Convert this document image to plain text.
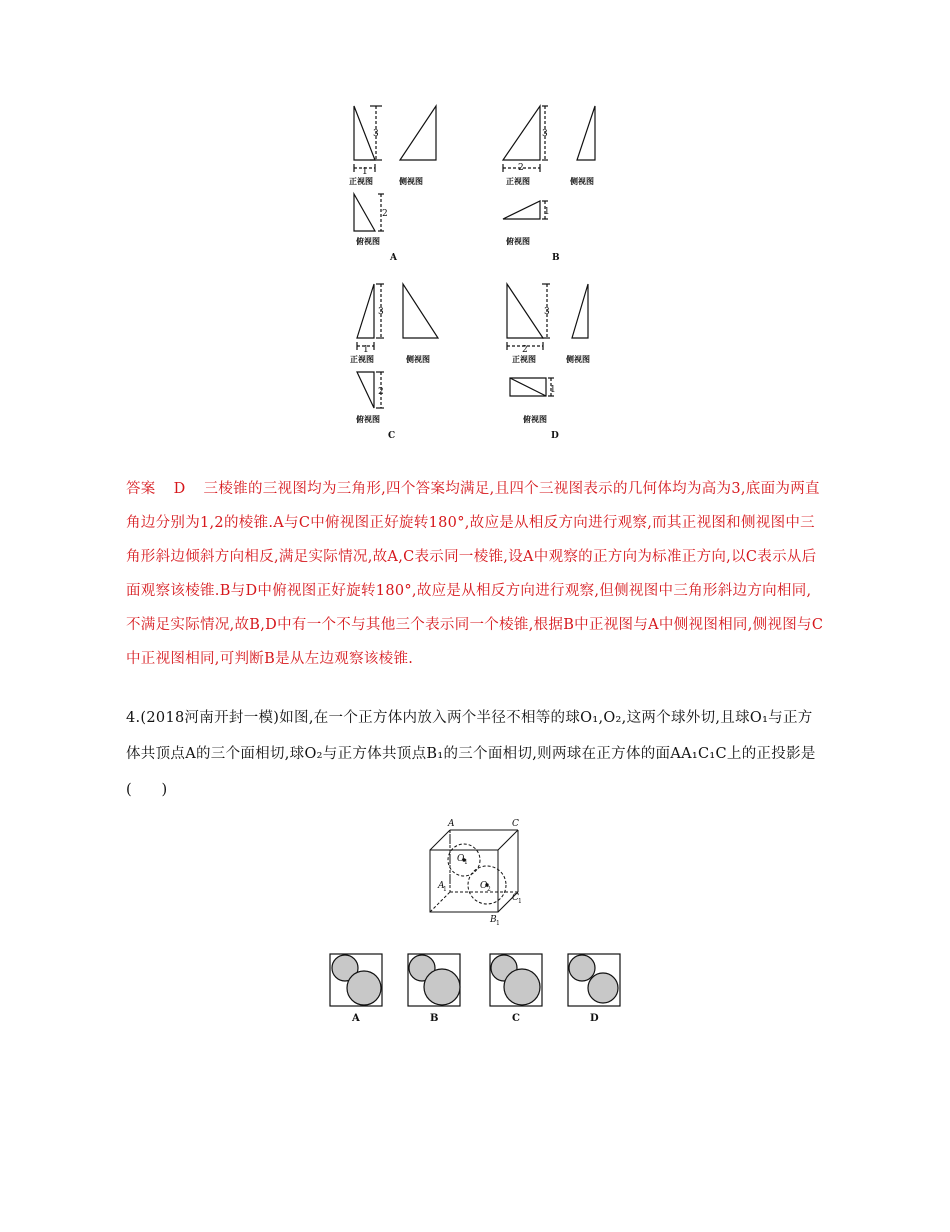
3
1
2
正视图	侧视图
俯视图
A
3
2
1
正视图	侧视图
俯视图
B
3
1
2
正视图	侧视图
俯视图
C
3
2
1
正视图	侧视图
俯视图
D
答案 D 三棱锥的三视图均为三角形,四个答案均满足,且四个三视图表示的几何体均为高为3,底面为两直角边分别为1,2的棱锥.A与C中俯视图正好旋转180°,故应是从相反方向进行观察,而其正视图和侧视图中三角形斜边倾斜方向相反,满足实际情况,故A,C表示同一棱锥,设A中观察的正方向为标准正方向,以C表示从后面观察该棱锥.B与D中俯视图正好旋转180°,故应是从相反方向进行观察,但侧视图中三角形斜边方向相同,不满足实际情况,故B,D中有一个不与其他三个表示同一个棱锥,根据B中正视图与A中侧视图相同,侧视图与C中正视图相同,可判断B是从左边观察该棱锥.
4.(2018河南开封一模)如图,在一个正方体内放入两个半径不相等的球O₁,O₂,这两个球外切,且球O₁与正方体共顶点A的三个面相切,球O₂与正方体共顶点B₁的三个面相切,则两球在正方体的面AA₁C₁C上的正投影是(　　)
A	C
A
1
C 1
B 1
O 1
O 2
A	B	C	D
